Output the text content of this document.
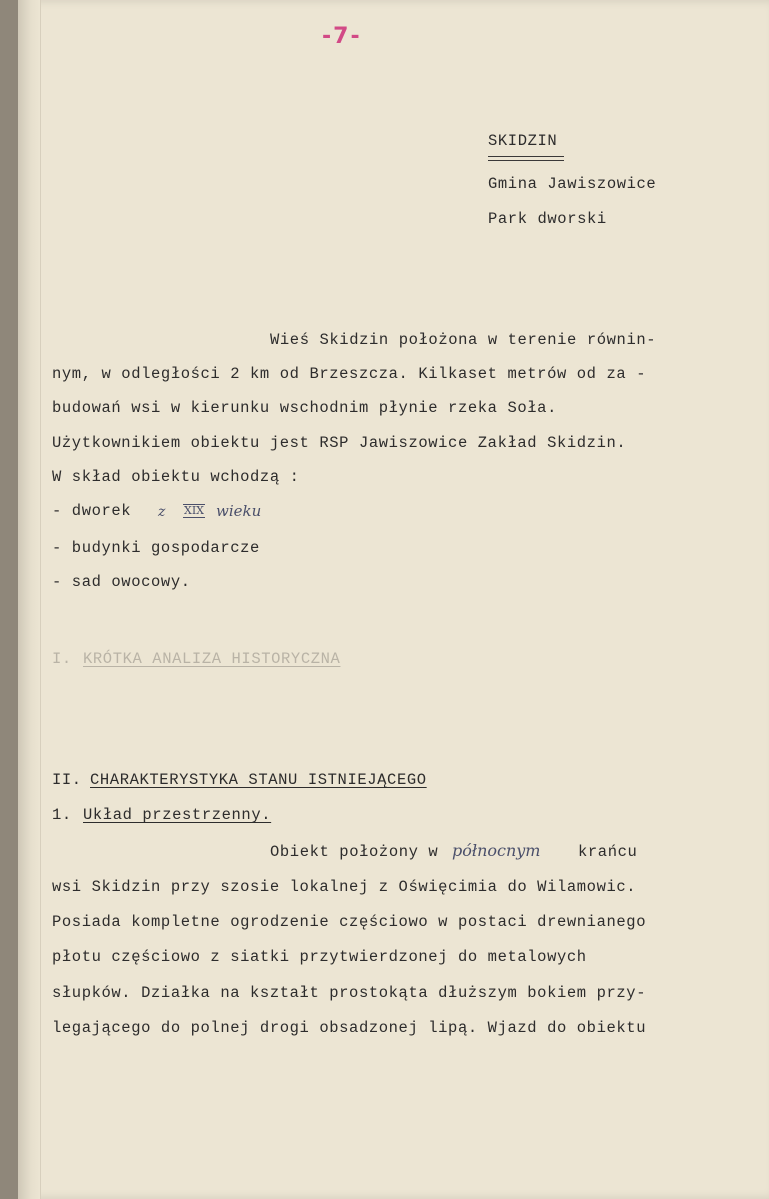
-7-
SKIDZIN
Gmina Jawiszowice
Park dworski
Wieś Skidzin położona w terenie równin-
nym, w odległości 2 km od Brzeszcza. Kilkaset metrów od za -
budowań wsi w kierunku wschodnim płynie rzeka Soła.
Użytkownikiem obiektu jest RSP Jawiszowice Zakład Skidzin.
W skład obiektu wchodzą :
- dworek z XIX wieku
- budynki gospodarcze
- sad owocowy.
I. KRÓTKA ANALIZA HISTORYCZNA
II. CHARAKTERYSTYKA STANU ISTNIEJĄCEGO
1. Układ przestrzenny.
Obiekt położony w północnym krańcu
wsi Skidzin przy szosie lokalnej z Oświęcimia do Wilamowic.
Posiada kompletne ogrodzenie częściowo w postaci drewnianego
płotu częściowo z siatki przytwierdzonej do metalowych
słupków. Działka na kształt prostokąta dłuższym bokiem przy-
legającego do polnej drogi obsadzonej lipą. Wjazd do obiektu
